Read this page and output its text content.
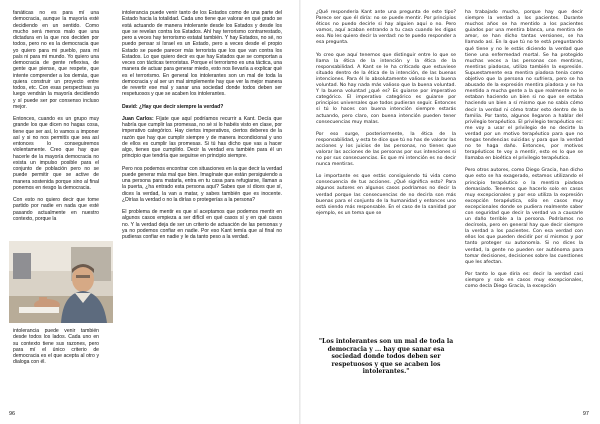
fanáticas no es para mí una democracia, aunque la mayoría esté decidiendo en un sentido. Como mucho será menos malo que una dictadura en la que nos deciden por todos, pero no es la democracia que yo quiero para mi pueblo, para mí país ni para mi mundo. Yo quiero una democracia de gente reflexiva, de gente que piense, que respete, que intente comprender a los demás, que quiera construir un proyecto entre todos, etc. Con esas perspectivas ya luego vendrán la mayoría decidiendo y sí puede ser por consenso incluso mejor.

Entonces, cuando es un grupo muy grande los que dicen no hagas cosa, tiene que ser así, lo vamos a imponer así y si no nos permitís que sea así entonces lo conseguiremos violentamente. Creo que hay que hacerle de la mayoría democracia no exista un impulso posible para el conjunto de población pero no se puede permitir que se active de manera sostenida porque sino al final ponemos en riesgo la democracia.

Con esto no quiero decir que tome partido por nadie en nada que esté pasando actualmente en nuestro contexto, porque la

intolerancia puede venir también desde todos los lados. Cada uno en su contexto tiene sus razones, pero para mí el único criterio de democracia es el que acepta al otro y dialoga con él.

intolerancia puede venir tanto de los Estados como de una parte del Estado hacia la totalidad. Cada uno tiene que valorar en qué grado se está actuando de manera intolerante desde los Estados y desde los que se revelan contra los Estados. Ahí hay terrorismo contrarrestado, pero a veces hay terrorismo estatal también. Y hay Estados, no sé, no puedo pensar si Israel es un Estado, pero a veces desde el propio Estado se puede parecer más terrorista que los que van contra los Estados. Lo que quiero decir es que hay Estados que se comportan a veces con tácticas terroristas. Porque el terrorismo es una táctica, una manera de actuar para generar miedo, esto nos llevaría a explicar qué es el terrorismo. En general los intolerantes son un mal de toda la democracia y al ser un mal simplemente hay que ver la mejor manera de revertir ese mal y sanar una sociedad donde todos deben ser respetuosos y que se acaben los intolerantes.

David: ¿Hay que decir siempre la verdad?

Juan Carlos: Fíjate que aquí podríamos recurrir a Kant. Decía que habría que cumplir las promesas, no sé si lo habéis visto en clase, por imperativo categórico. Hay ciertos imperativos, ciertos deberes de la razón que hay que cumplir siempre y de manera incondicional y uno de ellos es cumplir las promesas. Si tú has dicho que vas a hacer algo, tienes que cumplirlo. Decir la verdad era también para él un principio que tendría que seguirse en principio siempre.

Pero nos podemos encontrar con situaciones en la que decir la verdad puede generar más mal que bien. Imagínate que están persiguiendo a una persona para matarla, entra en tu casa para refugiarse, llaman a la puerta, ¿ha entrado esta persona aquí? Sabes que sí dices que sí, dices la verdad, la van a matar, y sabes también que es inocente. ¿Dirías la verdad o no la dirías o protegerías a la persona?

El problema de mentir es que sí aceptamos que podemos mentir en algunos casos empieza a ser difícil en qué casos sí y en qué casos no. Y la verdad deja de ser un criterio de actuación de las personas y ya no podemos confiar en nadie. Por eso Kant temía que al final no pudieras confiar en nadie y le da tanto peso a la verdad.

96

¿Qué respondería Kant ante una pregunta de este tipo? Parece ser que él diría: no se puede mentir. Por principios éticos no puedo decirle si hay alguien aquí o no. Pero vamos, aquí acaban entrando a tu casa cuando les digas eso. No les quiero decir la verdad: no te puedo responder a esa pregunta.

Yo creo que aquí tenemos que distinguir entre lo que se llama la ética de la intención y la ética de la responsabilidad. A Kant se le ha criticado que estuviese situado dentro de la ética de la intención, de las buenas intenciones. Para él lo absolutamente valioso es la buena voluntad. No hay nada más valioso que la buena voluntad. Y la buena voluntad ¿qué es? Es guiarse por imperativo categórico. El imperativo categórico es guiarse por principios universales que todos pudieran seguir. Entonces sí tú lo haces con buena intención siempre estarás actuando, pero claro, con buena intención pueden tener consecuencias muy malas.

Por eso surge, posteriormente, la ética de la responsabilidad, y esta te dice que tú no has de valorar las acciones y los juicios de las personas, no tienes que valorar las acciones de las personas por sus intenciones si no por sus consecuencias. Es que mi intención es no decir nunca mentiras.

Lo importante es que estás consiguiendo tú vida como consecuencia de tus acciones. ¿Qué significa esto? Para algunos autores en algunos casos podríamos no decir la verdad porque las consecuencias de no decirla son más buenas para el conjunto de la humanidad y entonces uno está siendo más responsable. En el caso de la sanidad por ejemplo, es un tema que se

"Los intolerantes son un mal de toda la democracia y ... hay que sanar esa sociedad donde todos deben ser respetuosos y que se acaben los intolerantes."

ha trabajado mucho, porque hay que decir siempre la verdad a los pacientes. Durante muchos años se ha mentido a los pacientes guiados por una mentira blanca, una mentira de amor, se han dicho tantas versiones, se ha llamado así. En la que tú no te está preguntando qué tiene y no le estás diciendo la verdad que tiene una enfermedad mortal. Se ha protegido muchas veces a las personas con mentiras, mentiras piadosas, utilizo también la expresión. Supuestamente esa mentira piadosa tenía como objetivo que la persona no sufriera, pero se ha abusado de la expresión mentira piadosa y se ha mentido a mucha gente a la que realmente no le estaban haciendo un bien si no que se estaba haciendo un bien a sí mismo que no sabía cómo decir la verdad ni cómo tratar esto dentro de la familia. Por tanto, algunos llegaron a hablar del privilegio terapéutico. El privilegio terapéutico es: me voy a usar el privilegio de no decirte la verdad por un motivo terapéutico para que no tengas tendencias suicidas y para que la verdad no te haga daño. Entonces, por motivos terapéuticos te voy a mentir, esto es lo que se llamaba en bioética el privilegio terapéutico.

Pero otros autores, como Diego Gracia, han dicho que esto se ha exagerado, estamos utilizando el principio terapéutico o la mentira piadosa demasiado. Tenemos que hacerlo solo en casos muy excepcionales y por eso utiliza la expresión excepción terapéutica, sólo en casos muy excepcionales donde se pudiera realmente saber con seguridad que decir la verdad va a causarle un daño terrible a la persona. Podríamos no decírsela, pero en general hay que decir siempre la verdad a los pacientes. Con esa verdad con ellos los que pueden decidir por sí mismos y por tanto proteger su autonomía. Si no dices la verdad, la gente no pueden ser autónoma para tomar decisiones, decisiones sobre las cuestiones que les afectan.

Por tanto lo que diría es: decir la verdad casi siempre y solo en casos muy excepcionales, como decía Diego Gracia, la excepción

97
